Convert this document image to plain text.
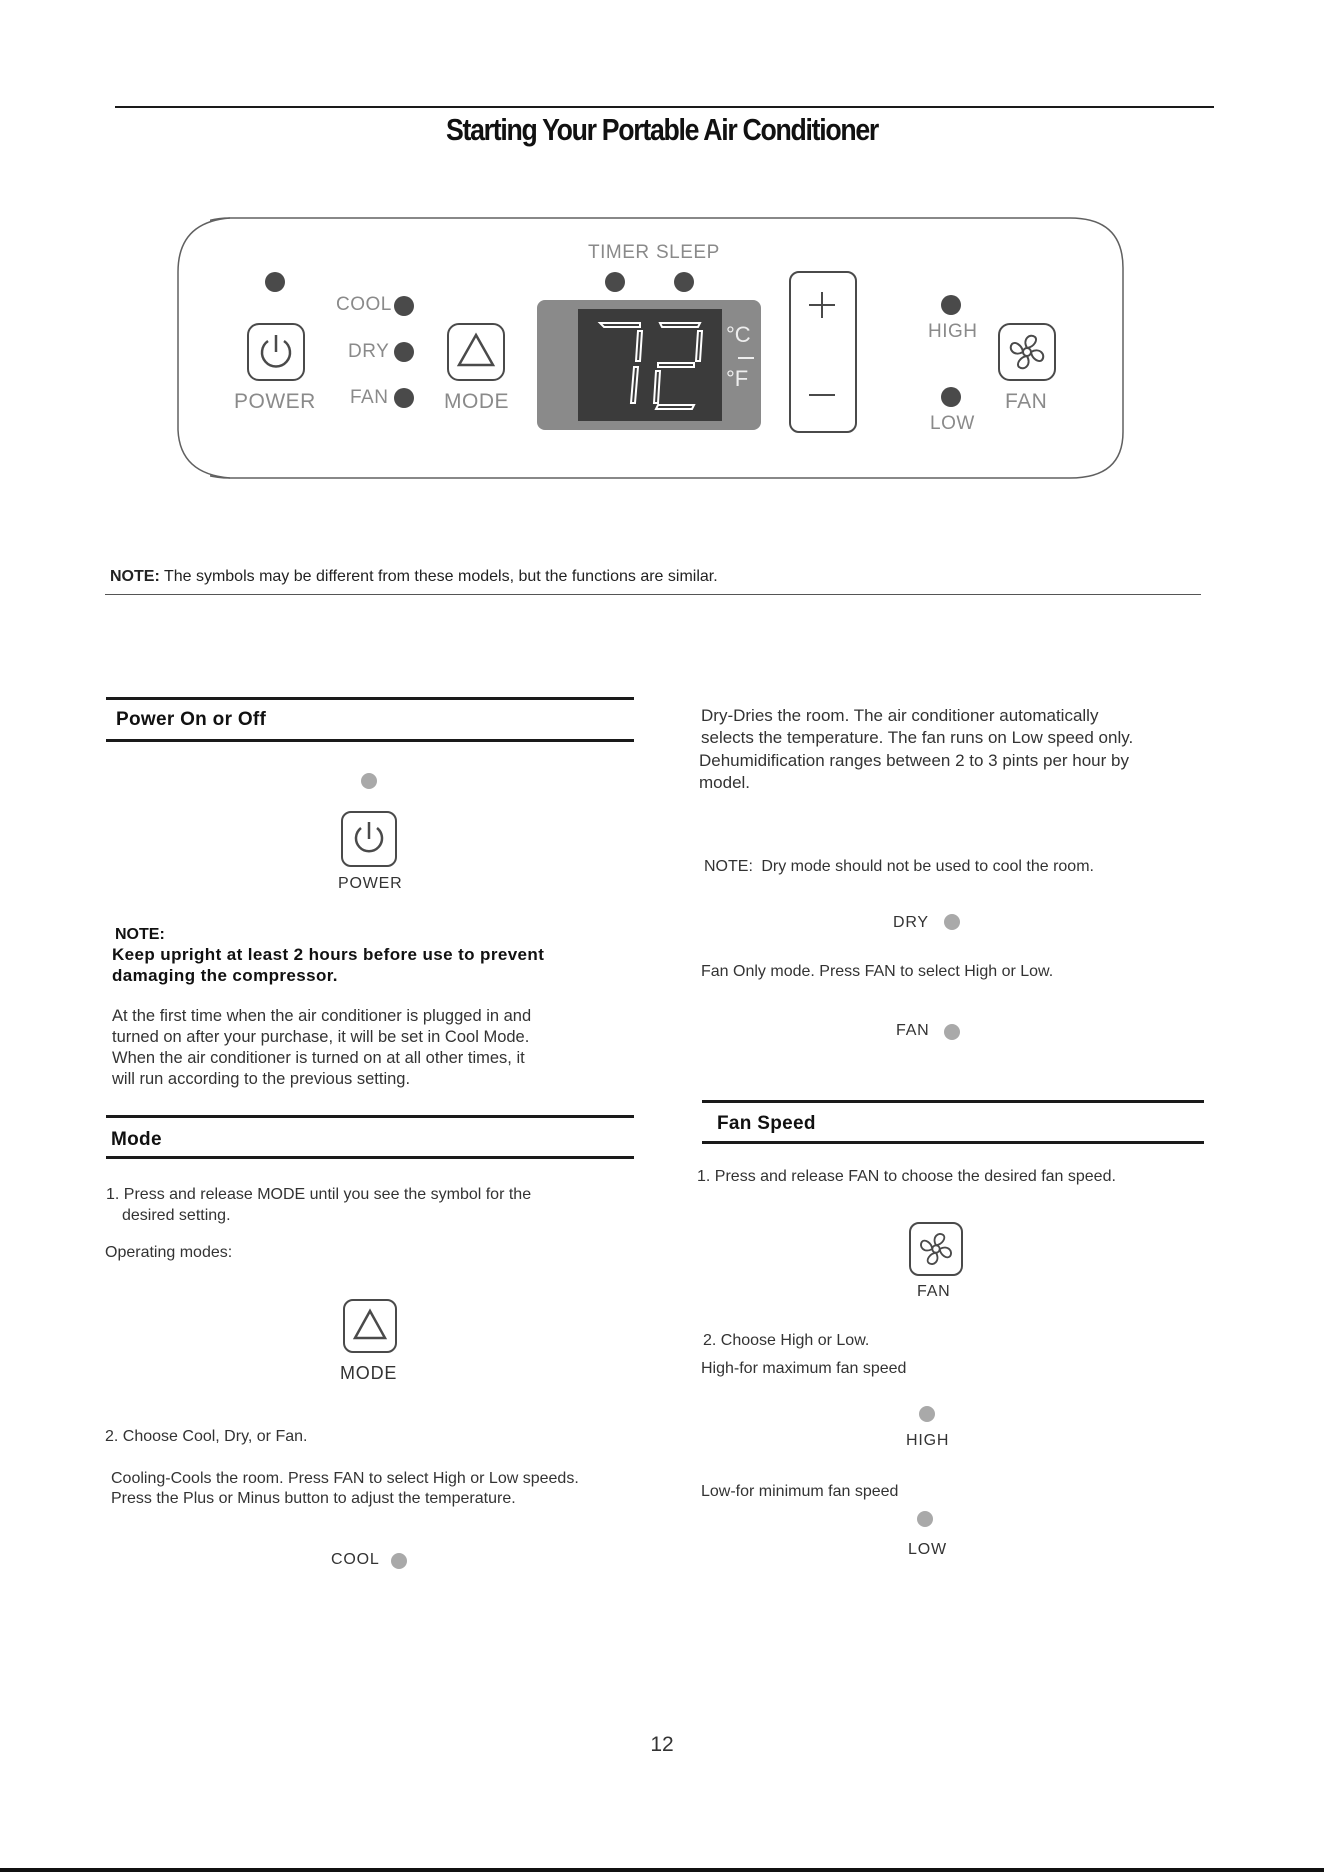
Starting Your Portable Air Conditioner
POWER
COOL
DRY
FAN	MODE
TIMER SLEEP
°C
°F
HIGH
LOW
FAN
NOTE: The symbols may be different from these models, but the functions are similar.
Power On or Off
POWER
NOTE:
Keep upright at least 2 hours before use to prevent
damaging the compressor.
At the first time when the air conditioner is plugged in and
turned on after your purchase, it will be set in Cool Mode.
When the air conditioner is turned on at all other times, it
will run according to the previous setting.
Mode
1. Press and release MODE until you see the symbol for the
desired setting.
Operating modes:
MODE
2. Choose Cool, Dry, or Fan.
Cooling-Cools the room. Press FAN to select High or Low speeds.
Press the Plus or Minus button to adjust the temperature.
COOL
Dry-Dries the room. The air conditioner automatically
selects the temperature. The fan runs on Low speed only.
Dehumidification ranges between 2 to 3 pints per hour by
model.
NOTE: Dry mode should not be used to cool the room.
DRY
Fan Only mode. Press FAN to select High or Low.
FAN
Fan Speed
1. Press and release FAN to choose the desired fan speed.
FAN
2. Choose High or Low.
High-for maximum fan speed
HIGH
Low-for minimum fan speed
LOW
12
